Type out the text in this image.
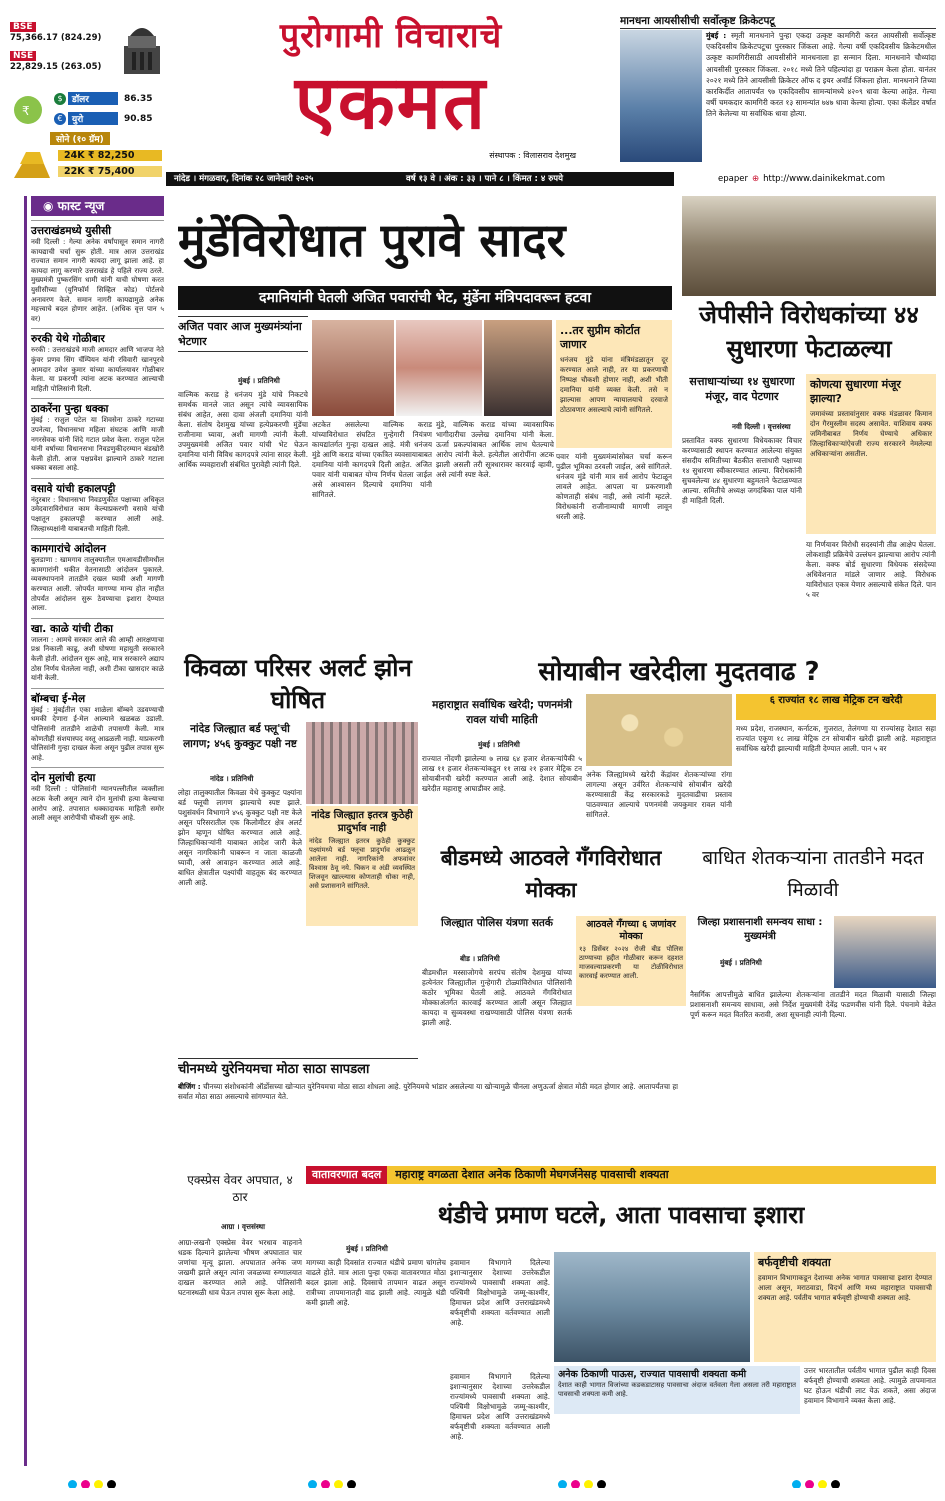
BSE
75,366.17 (824.29)
NSE
22,829.15 (263.05)
$	डॉलर	86.35
€	युरो	90.85
₹
सोने (१० ग्रॅम)
24K ₹ 82,250
22K ₹ 75,400
पुरोगामी विचाराचे
एकमत
संस्थापक : विलासराव देशमुख
मानधना आयसीसीची सर्वोत्कृष्ट क्रिकेटपटू
मुंबई : स्मृती मानधनाने पुन्हा एकदा उत्कृष्ट कामगिरी करत आयसीसी सर्वोत्कृष्ट एकदिवसीय क्रिकेटपटूचा पुरस्कार जिंकला आहे. गेल्या वर्षी एकदिवसीय क्रिकेटमधील उत्कृष्ट कामगिरीसाठी आयसीसीने मानधनाला हा सन्मान दिला. मानधनाने चौथ्यांदा आयसीसी पुरस्कार जिंकला. २०१८ मध्ये तिने पहिल्यांदा हा पराक्रम केला होता. यानंतर २०२१ मध्ये तिने आयसीसी क्रिकेटर ऑफ द इयर अवॉर्ड जिंकला होता. मानधनाने तिच्या कारकिर्दीत आतापर्यंत ९७ एकदिवसीय सामन्यांमध्ये ४२०९ धावा केल्या आहेत. गेल्या वर्षी चमकदार कामगिरी करत १३ सामन्यांत ७४७ धावा केल्या होत्या. एका कॅलेंडर वर्षात तिने केलेल्या या सर्वाधिक धावा होत्या.
नांदेड । मंगळवार, दिनांक २८ जानेवारी २०२५	वर्ष १३ वे । अंक : ३३ । पाने ८ । किंमत : ४ रुपये	epaper ⊕ http://www.dainikekmat.com
◉ फास्ट न्यूज
उत्तराखंडमध्ये युसीसी
नवी दिल्ली : गेल्या अनेक वर्षांपासून समान नागरी कायद्याची चर्चा सुरू होती. मात्र आज उत्तराखंड राज्यात समान नागरी कायदा लागू झाला आहे. हा कायदा लागू करणारे उत्तराखंड हे पहिले राज्य ठरले. मुख्यमंत्री पुष्करसिंग धामी यांनी याची घोषणा करत युसीसीच्या (युनिफॉर्म सिव्हिल कोड) पोर्टलचे अनावरण केले. समान नागरी कायद्यामुळे अनेक महत्त्वाचे बदल होणार आहेत. (अधिक वृत्त पान ५ वर)
रुरकी येथे गोळीबार
रुरकी : उत्तराखंडचे माजी आमदार आणि भाजपा नेते कुंवर प्रणव सिंग चॅम्पियन यांनी रविवारी खानपूरचे आमदार उमेश कुमार यांच्या कार्यालयावर गोळीबार केला. या प्रकरणी त्यांना अटक करण्यात आल्याची माहिती पोलिसांनी दिली.
ठाकरेंना पुन्हा धक्का
मुंबई : राजुल पटेल या शिवसेना ठाकरे गटाच्या उपनेत्या, विधानसभा महिला संघटक आणि माजी नगरसेवक यांनी शिंदे गटात प्रवेश केला. राजुल पटेल यांनी वर्षाच्या विधानसभा निवडणुकीदरम्यान बंडखोरी केली होती. आज पक्षप्रवेश झाल्याने ठाकरे गटाला धक्का बसला आहे.
वसावे यांची हकालपट्टी
नंदुरबार : विधानसभा निवडणुकीत पक्षाच्या अधिकृत उमेदवाराविरोधात काम केल्याप्रकरणी वसावे यांची पक्षातून हकालपट्टी करण्यात आली आहे. जिल्हाध्यक्षांनी याबाबतची माहिती दिली.
कामगारांचे आंदोलन
बुलडाणा : खामगाव तालुक्यातील एमआयडीसीमधील कामगारांनी थकीत वेतनासाठी आंदोलन पुकारले. व्यवस्थापनाने तातडीने दखल घ्यावी अशी मागणी करण्यात आली. जोपर्यंत मागण्या मान्य होत नाहीत तोपर्यंत आंदोलन सुरू ठेवण्याचा इशारा देण्यात आला.
खा. काळे यांची टीका
जालना : आमचे सरकार आले की आम्ही आरक्षणाचा प्रश्न निकाली काढू, अशी घोषणा महायुती सरकारने केली होती. आंदोलन सुरू आहे, मात्र सरकारने अद्याप ठोस निर्णय घेतलेला नाही, अशी टीका खासदार काळे यांनी केली.
बॉम्बचा ई-मेल
मुंबई : मुंबईतील एका शाळेला बॉम्बने उडवण्याची धमकी देणारा ई-मेल आल्याने खळबळ उडाली. पोलिसांनी तातडीने शाळेची तपासणी केली. मात्र कोणतीही संशयास्पद वस्तू आढळली नाही. याप्रकरणी पोलिसांनी गुन्हा दाखल केला असून पुढील तपास सुरू आहे.
दोन मुलांची हत्या
नवी दिल्ली : पोलिसांनी ग्यानपल्लीतील व्यक्तीला अटक केली असून त्याने दोन मुलांची हत्या केल्याचा आरोप आहे. तपासात धक्कादायक माहिती समोर आली असून आरोपीची चौकशी सुरू आहे.
मुंडेंविरोधात पुरावे सादर
दमानियांनी घेतली अजित पवारांची भेट, मुंडेंना मंत्रिपदावरून हटवा
अजित पवार आज मुख्यमंत्र्यांना भेटणार
मुंबई । प्रतिनिधी
वाल्मिक कराड हे धनंजय मुंडे यांचे निकटचे समर्थक मानले जात असून त्यांचे व्यावसायिक संबंध आहेत, असा दावा अंजली दमानिया यांनी केला. संतोष देशमुख यांच्या हत्येप्रकरणी मुंडेंचा राजीनामा घ्यावा, अशी मागणी त्यांनी केली. उपमुख्यमंत्री अजित पवार यांची भेट घेऊन दमानिया यांनी विविध कागदपत्रे त्यांना सादर केली. आर्थिक व्यवहाराशी संबंधित पुरावेही त्यांनी दिले.
अटकेत असलेल्या वाल्मिक कराड यांच्याविरोधात संघटित गुन्हेगारी नियंत्रण कायद्यांतर्गत गुन्हा दाखल आहे. मंत्री धनंजय मुंडे आणि कराड यांच्या एकत्रित व्यवसायाबाबत दमानिया यांनी कागदपत्रे दिली आहेत. अजित पवार यांनी याबाबत योग्य निर्णय घेतला जाईल असे आश्वासन दिल्याचे दमानिया यांनी सांगितले.
मुंडे, वाल्मिक कराड यांच्या व्यावसायिक भागीदारीचा उल्लेख दमानिया यांनी केला. ऊर्जा प्रकल्पांबाबत आर्थिक लाभ घेतल्याचे आरोप त्यांनी केले. हत्येतील आरोपींना अटक झाली असली तरी सूत्रधारावर कारवाई व्हावी, असे त्यांनी स्पष्ट केले.
...तर सुप्रीम कोर्टात जाणार
धनंजय मुंडे यांना मंत्रिमंडळातून दूर करण्यात आले नाही, तर या प्रकरणाची निष्पक्ष चौकशी होणार नाही, अशी भीती दमानिया यांनी व्यक्त केली. तसे न झाल्यास आपण न्यायालयाचे दरवाजे ठोठावणार असल्याचे त्यांनी सांगितले.
पवार यांनी मुख्यमंत्र्यांसोबत चर्चा करून पुढील भूमिका ठरवली जाईल, असे सांगितले. धनंजय मुंडे यांनी मात्र सर्व आरोप फेटाळून लावले आहेत. आपला या प्रकरणाशी कोणताही संबंध नाही, असे त्यांनी म्हटले. विरोधकांनी राजीनाम्याची मागणी लावून धरली आहे.
जेपीसीने विरोधकांच्या ४४ सुधारणा फेटाळल्या
सत्ताधाऱ्यांच्या १४ सुधारणा मंजूर, वाद पेटणार
कोणत्या सुधारणा मंजूर झाल्या?
जमावंच्या प्रस्तावांनुसार वक्फ मंडळावर किमान दोन गैरमुस्लीम सदस्य असावेत. याशिवाय वक्फ जमिनीबाबत निर्णय घेण्याचे अधिकार जिल्हाधिकाऱ्यांऐवजी राज्य सरकारने नेमलेल्या अधिकाऱ्यांना असतील.
नवी दिल्ली । वृत्तसंस्था
प्रस्तावित वक्फ सुधारणा विधेयकावर विचार करण्यासाठी स्थापन करण्यात आलेल्या संयुक्त संसदीय समितीच्या बैठकीत सत्ताधारी पक्षाच्या १४ सुधारणा स्वीकारण्यात आल्या. विरोधकांनी सुचवलेल्या ४४ सुधारणा बहुमताने फेटाळण्यात आल्या. समितीचे अध्यक्ष जगदंबिका पाल यांनी ही माहिती दिली.
या निर्णयावर विरोधी सदस्यांनी तीव्र आक्षेप घेतला. लोकशाही प्रक्रियेचे उल्लंघन झाल्याचा आरोप त्यांनी केला. वक्फ बोर्ड सुधारणा विधेयक संसदेच्या अधिवेशनात मांडले जाणार आहे. विरोधक याविरोधात एकत्र येणार असल्याचे संकेत दिले. पान ५ वर
किवळा परिसर अलर्ट झोन घोषित
नांदेड जिल्ह्यात बर्ड फ्लू'ची लागण; ४५६ कुक्कुट पक्षी नष्ट
नांदेड । प्रतिनिधी
लोहा तालुक्यातील किवळा येथे कुक्कुट पक्ष्यांना बर्ड फ्लूची लागण झाल्याचे स्पष्ट झाले. पशुसंवर्धन विभागाने ४५६ कुक्कुट पक्षी नष्ट केले असून परिसरातील एक किलोमीटर क्षेत्र अलर्ट झोन म्हणून घोषित करण्यात आले आहे. जिल्हाधिकाऱ्यांनी याबाबत आदेश जारी केले असून नागरिकांनी घाबरून न जाता काळजी घ्यावी, असे आवाहन करण्यात आले आहे. बाधित क्षेत्रातील पक्ष्यांची वाहतूक बंद करण्यात आली आहे.
नांदेड जिल्ह्यात इतरत्र कुठेही प्रादुर्भाव नाही
नांदेड जिल्ह्यात इतरत्र कुठेही कुक्कुट पक्ष्यांमध्ये बर्ड फ्लूचा प्रादुर्भाव आढळून आलेला नाही. नागरिकांनी अफवांवर विश्वास ठेवू नये. चिकन व अंडी व्यवस्थित शिजवून खाल्ल्यास कोणताही धोका नाही, असे प्रशासनाने सांगितले.
सोयाबीन खरेदीला मुदतवाढ ?
महाराष्ट्रात सर्वाधिक खरेदी; पणनमंत्री रावल यांची माहिती
मुंबई । प्रतिनिधी
६ राज्यांत १८ लाख मेट्रिक टन खरेदी
मध्य प्रदेश, राजस्थान, कर्नाटक, गुजरात, तेलंगणा या राज्यांसह देशात सहा राज्यांत एकूण १८ लाख मेट्रिक टन सोयाबीन खरेदी झाली आहे. महाराष्ट्रात सर्वाधिक खरेदी झाल्याची माहिती देण्यात आली. पान ५ वर
राज्यात नोंदणी झालेल्या ७ लाख ६४ हजार शेतकऱ्यांपैकी ५ लाख ११ हजार शेतकऱ्यांकडून ११ लाख २१ हजार मेट्रिक टन सोयाबीनची खरेदी करण्यात आली आहे. देशात सोयाबीन खरेदीत महाराष्ट्र आघाडीवर आहे.
अनेक जिल्ह्यांमध्ये खरेदी केंद्रांवर शेतकऱ्यांच्या रांगा लागल्या असून उर्वरित शेतकऱ्यांचे सोयाबीन खरेदी करण्यासाठी केंद्र सरकारकडे मुदतवाढीचा प्रस्ताव पाठवण्यात आल्याचे पणनमंत्री जयकुमार रावल यांनी सांगितले.
बीडमध्ये आठवले गँगविरोधात मोक्का
जिल्ह्यात पोलिस यंत्रणा सतर्क
बीड । प्रतिनिधी
आठवले गँगच्या ६ जणांवर मोक्का
१३ डिसेंबर २०२४ रोजी बीड पोलिस ठाण्याच्या हद्दीत गोळीबार करून दहशत माजवल्याप्रकरणी या टोळीविरोधात कारवाई करण्यात आली.
बीडमधील मस्साजोगचे सरपंच संतोष देशमुख यांच्या हत्येनंतर जिल्ह्यातील गुन्हेगारी टोळ्यांविरोधात पोलिसांनी कठोर भूमिका घेतली आहे. आठवले गँगविरोधात मोक्काअंतर्गत कारवाई करण्यात आली असून जिल्ह्यात कायदा व सुव्यवस्था राखण्यासाठी पोलिस यंत्रणा सतर्क झाली आहे.
बाधित शेतकऱ्यांना तातडीने मदत मिळावी
जिल्हा प्रशासनाशी समन्वय साधा : मुख्यमंत्री
मुंबई । प्रतिनिधी
नैसर्गिक आपत्तीमुळे बाधित झालेल्या शेतकऱ्यांना तातडीने मदत मिळावी यासाठी जिल्हा प्रशासनाशी समन्वय साधावा, असे निर्देश मुख्यमंत्री देवेंद्र फडणवीस यांनी दिले. पंचनामे वेळेत पूर्ण करून मदत वितरित करावी, अशा सूचनाही त्यांनी दिल्या.
चीनमध्ये युरेनियमचा मोठा साठा सापडला
बीजिंग : चीनच्या संशोधकांनी ऑर्डोसच्या खोऱ्यात युरेनियमचा मोठा साठा शोधला आहे. युरेनियमचे भांडार असलेल्या या खोऱ्यामुळे चीनला अणुऊर्जा क्षेत्रात मोठी मदत होणार आहे. आतापर्यंतचा हा सर्वात मोठा साठा असल्याचे सांगण्यात येते.
वातावरणात बदल	महाराष्ट्र वगळता देशात अनेक ठिकाणी मेघगर्जनेसह पावसाची शक्यता
एक्स्प्रेस वेवर अपघात, ४ ठार
आग्रा । वृत्तसंस्था
आग्रा-लखनौ एक्स्प्रेस वेवर भरधाव वाहनाने धडक दिल्याने झालेल्या भीषण अपघातात चार जणांचा मृत्यू झाला. अपघातात अनेक जण जखमी झाले असून त्यांना जवळच्या रुग्णालयात दाखल करण्यात आले आहे. पोलिसांनी घटनास्थळी धाव घेऊन तपास सुरू केला आहे.
थंडीचे प्रमाण घटले, आता पावसाचा इशारा
मुंबई । प्रतिनिधी
मागच्या काही दिवसांत राज्यात थंडीचे प्रमाण चांगलेच वाढले होते. मात्र आता पुन्हा एकदा वातावरणात मोठा बदल झाला आहे. दिवसाचे तापमान वाढत असून रात्रीच्या तापमानातही वाढ झाली आहे. त्यामुळे थंडी कमी झाली आहे.
हवामान विभागाने दिलेल्या इशाऱ्यानुसार देशाच्या उत्तरेकडील राज्यांमध्ये पावसाची शक्यता आहे. पश्चिमी विक्षोभामुळे जम्मू-काश्मीर, हिमाचल प्रदेश आणि उत्तराखंडमध्ये बर्फवृष्टीची शक्यता वर्तवण्यात आली आहे.
बर्फवृष्टीची शक्यता
हवामान विभागाकडून देशाच्या अनेक भागात पावसाचा इशारा देण्यात आला असून, मराठवाडा, विदर्भ आणि मध्य महाराष्ट्रात पावसाची शक्यता आहे. पर्वतीय भागात बर्फवृष्टी होण्याची शक्यता आहे.
अनेक ठिकाणी पाऊस, राज्यात पावसाची शक्यता कमी
देशात काही भागात विजांच्या कडकडाटासह पावसाचा अंदाज वर्तवला गेला असला तरी महाराष्ट्रात पावसाची शक्यता कमी आहे.
उत्तर भारतातील पर्वतीय भागात पुढील काही दिवस बर्फवृष्टी होण्याची शक्यता आहे. त्यामुळे तापमानात घट होऊन थंडीची लाट येऊ शकते, असा अंदाज हवामान विभागाने व्यक्त केला आहे.
हवामान विभागाने दिलेल्या इशाऱ्यानुसार देशाच्या उत्तरेकडील राज्यांमध्ये पावसाची शक्यता आहे. पश्चिमी विक्षोभामुळे जम्मू-काश्मीर, हिमाचल प्रदेश आणि उत्तराखंडमध्ये बर्फवृष्टीची शक्यता वर्तवण्यात आली आहे.
